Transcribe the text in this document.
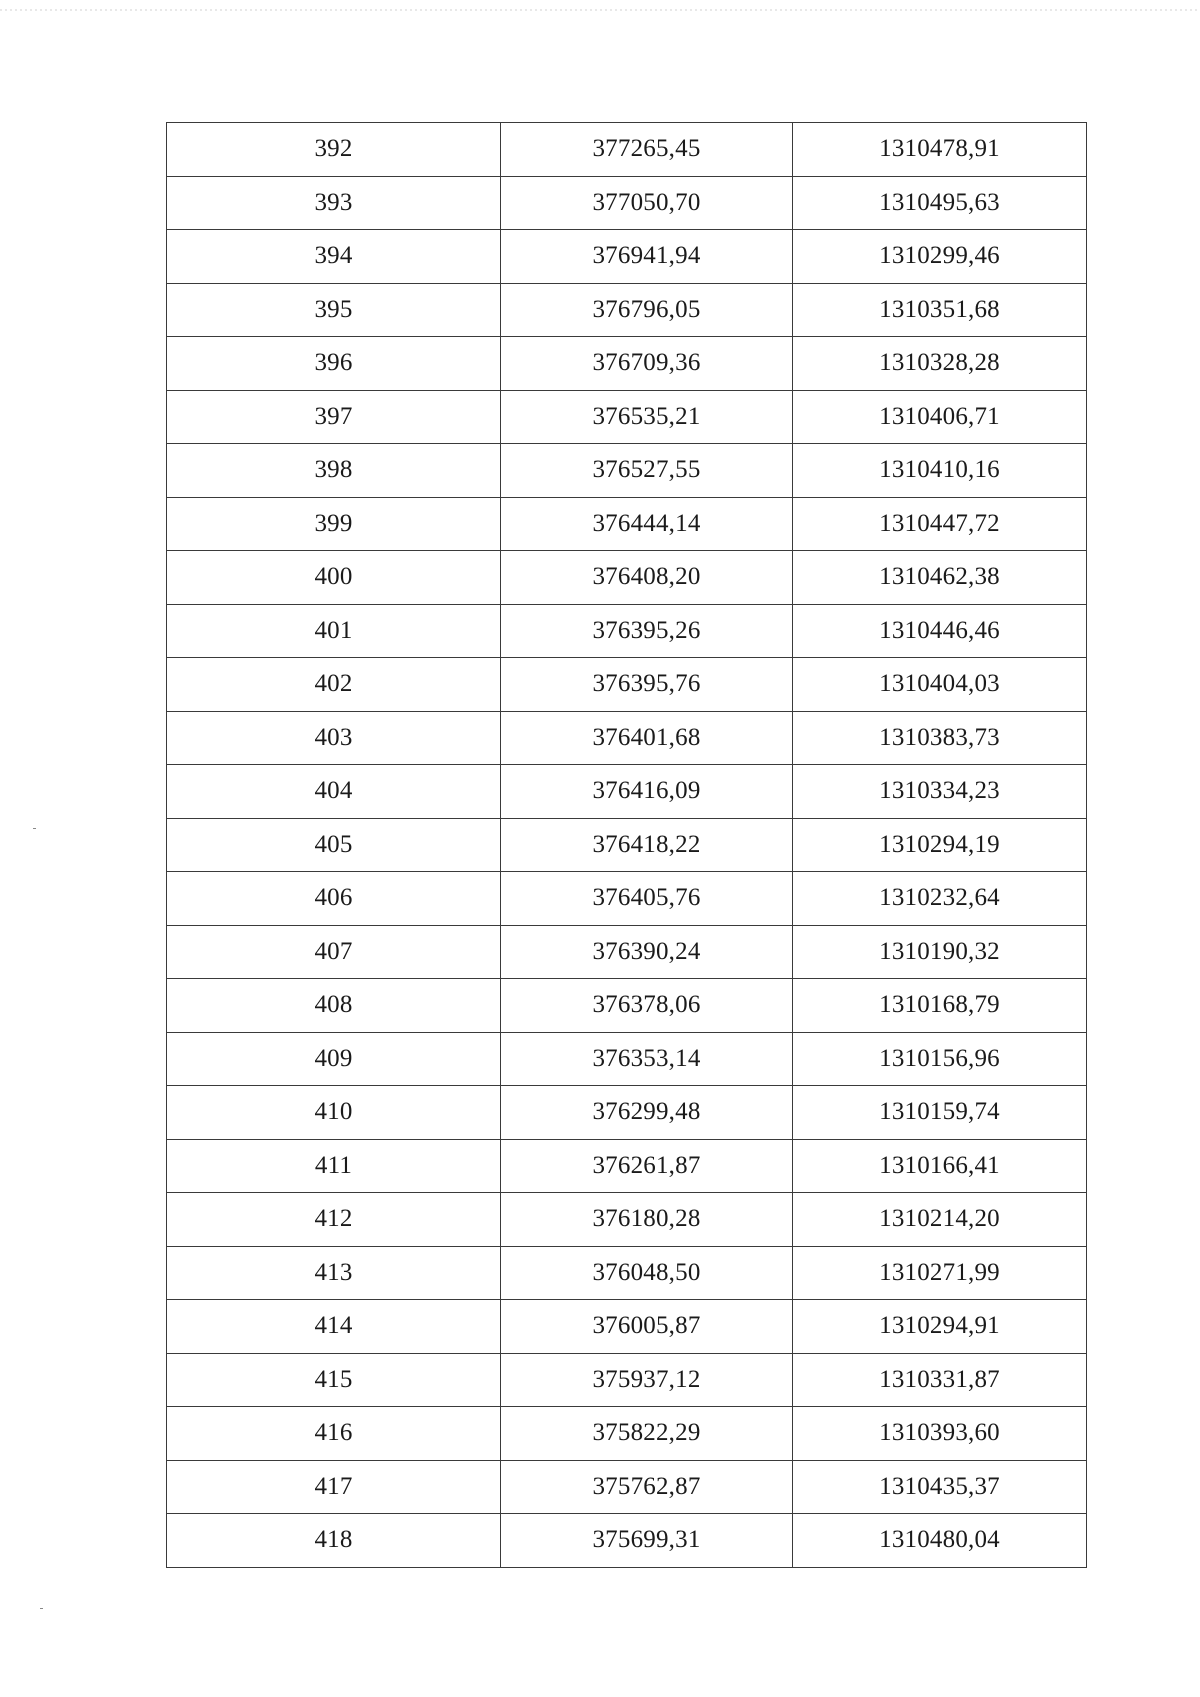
392	377265,45	1310478,91
393	377050,70	1310495,63
394	376941,94	1310299,46
395	376796,05	1310351,68
396	376709,36	1310328,28
397	376535,21	1310406,71
398	376527,55	1310410,16
399	376444,14	1310447,72
400	376408,20	1310462,38
401	376395,26	1310446,46
402	376395,76	1310404,03
403	376401,68	1310383,73
404	376416,09	1310334,23
405	376418,22	1310294,19
406	376405,76	1310232,64
407	376390,24	1310190,32
408	376378,06	1310168,79
409	376353,14	1310156,96
410	376299,48	1310159,74
411	376261,87	1310166,41
412	376180,28	1310214,20
413	376048,50	1310271,99
414	376005,87	1310294,91
415	375937,12	1310331,87
416	375822,29	1310393,60
417	375762,87	1310435,37
418	375699,31	1310480,04
